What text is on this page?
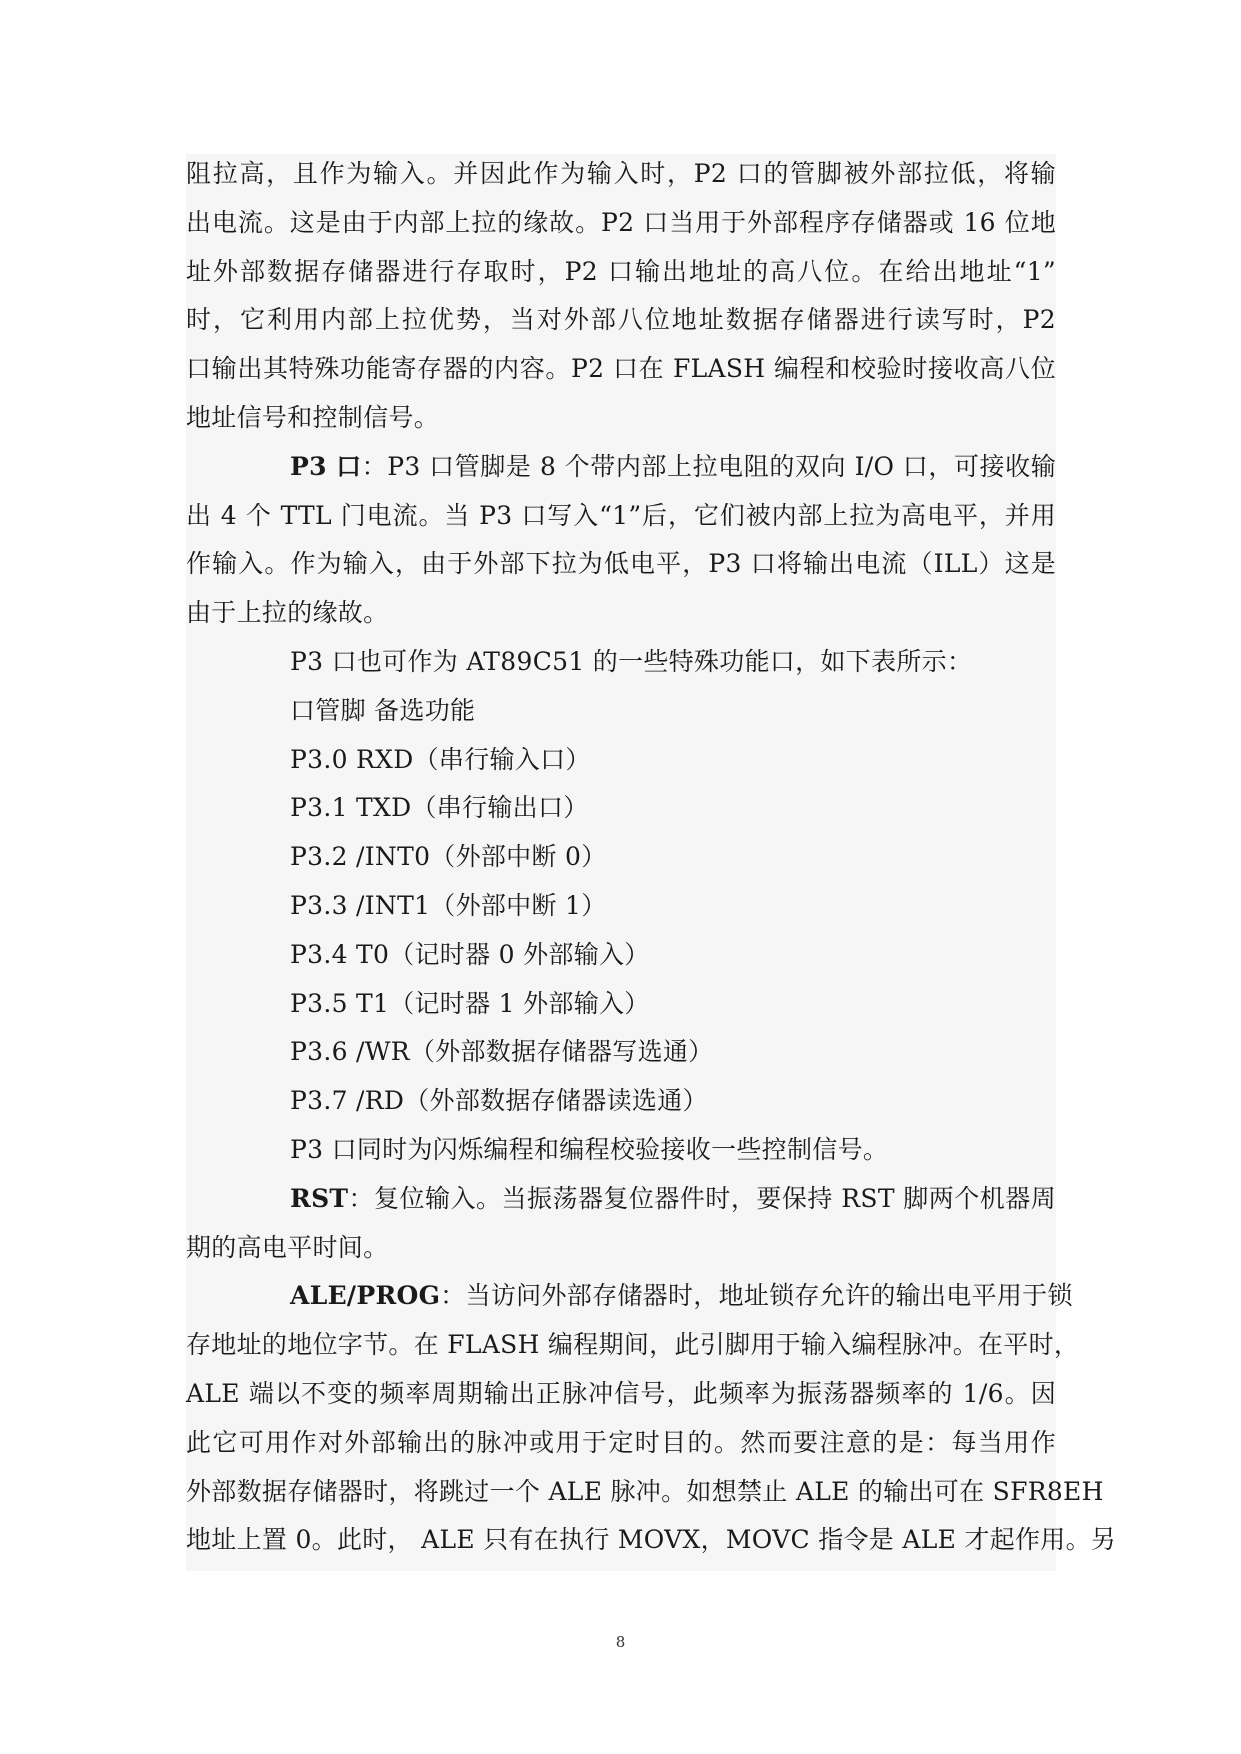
阻拉高，且作为输入。并因此作为输入时，P2 口的管脚被外部拉低，将输
出电流。这是由于内部上拉的缘故。P2 口当用于外部程序存储器或 16 位地
址外部数据存储器进行存取时，P2 口输出地址的高八位。在给出地址“1”
时，它利用内部上拉优势，当对外部八位地址数据存储器进行读写时，P2
口输出其特殊功能寄存器的内容。P2 口在 FLASH 编程和校验时接收高八位
地址信号和控制信号。
P3 口：P3 口管脚是 8 个带内部上拉电阻的双向 I/O 口，可接收输
出 4 个 TTL 门电流。当 P3 口写入“1”后，它们被内部上拉为高电平，并用
作输入。作为输入，由于外部下拉为低电平，P3 口将输出电流（ILL）这是
由于上拉的缘故。
P3 口也可作为 AT89C51 的一些特殊功能口，如下表所示：
口管脚 备选功能
P3.0 RXD（串行输入口）
P3.1 TXD（串行输出口）
P3.2 /INT0（外部中断 0）
P3.3 /INT1（外部中断 1）
P3.4 T0（记时器 0 外部输入）
P3.5 T1（记时器 1 外部输入）
P3.6 /WR（外部数据存储器写选通）
P3.7 /RD（外部数据存储器读选通）
P3 口同时为闪烁编程和编程校验接收一些控制信号。
RST：复位输入。当振荡器复位器件时，要保持 RST 脚两个机器周
期的高电平时间。
ALE/PROG：当访问外部存储器时，地址锁存允许的输出电平用于锁
存地址的地位字节。在 FLASH 编程期间，此引脚用于输入编程脉冲。在平时，
ALE 端以不变的频率周期输出正脉冲信号，此频率为振荡器频率的 1/6。因
此它可用作对外部输出的脉冲或用于定时目的。然而要注意的是：每当用作
外部数据存储器时，将跳过一个 ALE 脉冲。如想禁止 ALE 的输出可在 SFR8EH
地址上置 0。此时， ALE 只有在执行 MOVX，MOVC 指令是 ALE 才起作用。另
8
